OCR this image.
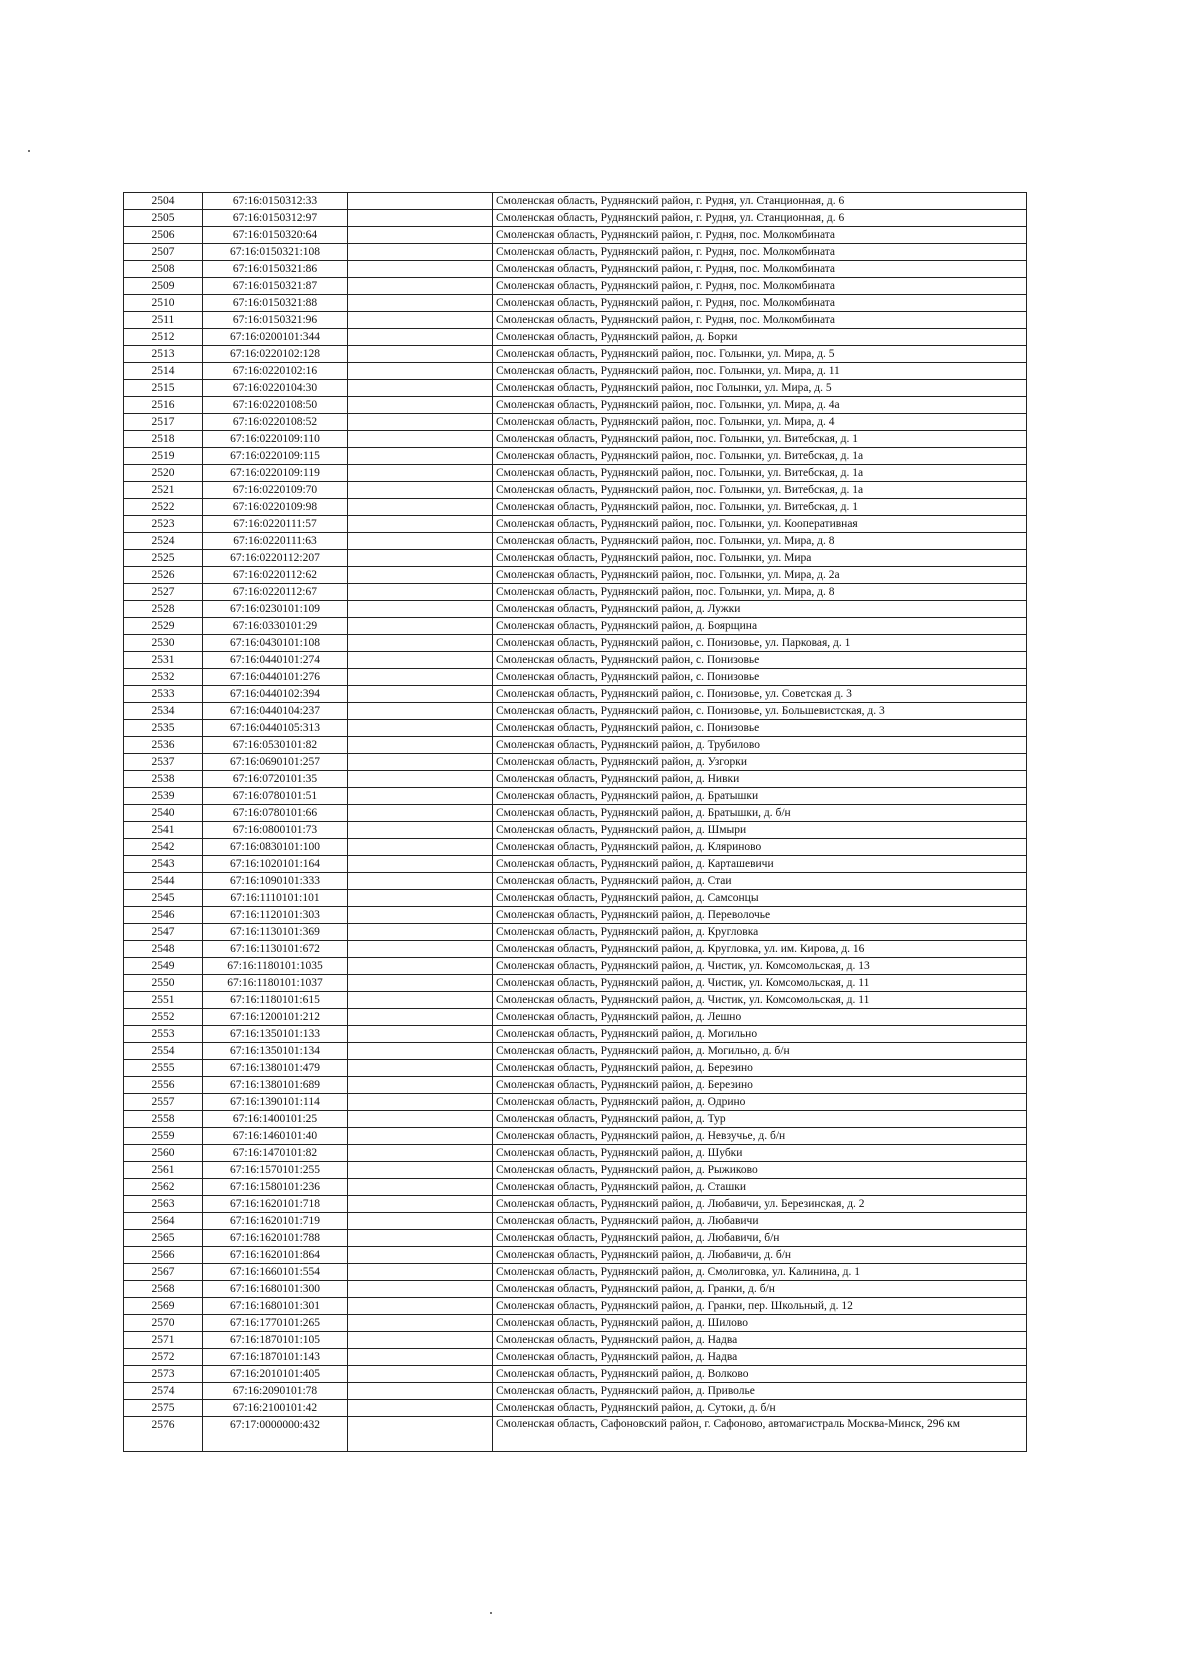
2504	67:16:0150312:33		Смоленская область, Руднянский район, г. Рудня, ул. Станционная, д. 6
2505	67:16:0150312:97		Смоленская область, Руднянский район, г. Рудня, ул. Станционная, д. 6
2506	67:16:0150320:64		Смоленская область, Руднянский район, г. Рудня, пос. Молкомбината
2507	67:16:0150321:108		Смоленская область, Руднянский район, г. Рудня, пос. Молкомбината
2508	67:16:0150321:86		Смоленская область, Руднянский район, г. Рудня, пос. Молкомбината
2509	67:16:0150321:87		Смоленская область, Руднянский район, г. Рудня, пос. Молкомбината
2510	67:16:0150321:88		Смоленская область, Руднянский район, г. Рудня, пос. Молкомбината
2511	67:16:0150321:96		Смоленская область, Руднянский район, г. Рудня, пос. Молкомбината
2512	67:16:0200101:344		Смоленская область, Руднянский район, д. Борки
2513	67:16:0220102:128		Смоленская область, Руднянский район, пос. Голынки, ул. Мира, д. 5
2514	67:16:0220102:16		Смоленская область, Руднянский район, пос. Голынки, ул. Мира, д. 11
2515	67:16:0220104:30		Смоленская область, Руднянский район, пос Голынки, ул. Мира, д. 5
2516	67:16:0220108:50		Смоленская область, Руднянский район, пос. Голынки, ул. Мира, д. 4а
2517	67:16:0220108:52		Смоленская область, Руднянский район, пос. Голынки, ул. Мира, д. 4
2518	67:16:0220109:110		Смоленская область, Руднянский район, пос. Голынки, ул. Витебская, д. 1
2519	67:16:0220109:115		Смоленская область, Руднянский район, пос. Голынки, ул. Витебская, д. 1а
2520	67:16:0220109:119		Смоленская область, Руднянский район, пос. Голынки, ул. Витебская, д. 1а
2521	67:16:0220109:70		Смоленская область, Руднянский район, пос. Голынки, ул. Витебская, д. 1а
2522	67:16:0220109:98		Смоленская область, Руднянский район, пос. Голынки, ул. Витебская, д. 1
2523	67:16:0220111:57		Смоленская область, Руднянский район, пос. Голынки, ул. Кооперативная
2524	67:16:0220111:63		Смоленская область, Руднянский район, пос. Голынки, ул. Мира, д. 8
2525	67:16:0220112:207		Смоленская область, Руднянский район, пос. Голынки, ул. Мира
2526	67:16:0220112:62		Смоленская область, Руднянский район, пос. Голынки, ул. Мира, д. 2а
2527	67:16:0220112:67		Смоленская область, Руднянский район, пос. Голынки, ул. Мира, д. 8
2528	67:16:0230101:109		Смоленская область, Руднянский район, д. Лужки
2529	67:16:0330101:29		Смоленская область, Руднянский район, д. Боярщина
2530	67:16:0430101:108		Смоленская область, Руднянский район, с. Понизовье, ул. Парковая, д. 1
2531	67:16:0440101:274		Смоленская область, Руднянский район, с. Понизовье
2532	67:16:0440101:276		Смоленская область, Руднянский район, с. Понизовье
2533	67:16:0440102:394		Смоленская область, Руднянский район, с. Понизовье, ул. Советская д. 3
2534	67:16:0440104:237		Смоленская область, Руднянский район, с. Понизовье, ул. Большевистская, д. 3
2535	67:16:0440105:313		Смоленская область, Руднянский район, с. Понизовье
2536	67:16:0530101:82		Смоленская область, Руднянский район, д. Трубилово
2537	67:16:0690101:257		Смоленская область, Руднянский район, д. Узгорки
2538	67:16:0720101:35		Смоленская область, Руднянский район, д. Нивки
2539	67:16:0780101:51		Смоленская область, Руднянский район, д. Братышки
2540	67:16:0780101:66		Смоленская область, Руднянский район, д. Братышки, д. б/н
2541	67:16:0800101:73		Смоленская область, Руднянский район, д. Шмыри
2542	67:16:0830101:100		Смоленская область, Руднянский район, д. Кляриново
2543	67:16:1020101:164		Смоленская область, Руднянский район, д. Карташевичи
2544	67:16:1090101:333		Смоленская область, Руднянский район, д. Стаи
2545	67:16:1110101:101		Смоленская область, Руднянский район, д. Самсонцы
2546	67:16:1120101:303		Смоленская область, Руднянский район, д. Переволочье
2547	67:16:1130101:369		Смоленская область, Руднянский район, д. Кругловка
2548	67:16:1130101:672		Смоленская область, Руднянский район, д. Кругловка, ул. им. Кирова, д. 16
2549	67:16:1180101:1035		Смоленская область, Руднянский район, д. Чистик, ул. Комсомольская, д. 13
2550	67:16:1180101:1037		Смоленская область, Руднянский район, д. Чистик, ул. Комсомольская, д. 11
2551	67:16:1180101:615		Смоленская область, Руднянский район, д. Чистик, ул. Комсомольская, д. 11
2552	67:16:1200101:212		Смоленская область, Руднянский район, д. Лешно
2553	67:16:1350101:133		Смоленская область, Руднянский район, д. Могильно
2554	67:16:1350101:134		Смоленская область, Руднянский район, д. Могильно, д. б/н
2555	67:16:1380101:479		Смоленская область, Руднянский район, д. Березино
2556	67:16:1380101:689		Смоленская область, Руднянский район, д. Березино
2557	67:16:1390101:114		Смоленская область, Руднянский район, д. Одрино
2558	67:16:1400101:25		Смоленская область, Руднянский район, д. Тур
2559	67:16:1460101:40		Смоленская область, Руднянский район, д. Невзучье, д. б/н
2560	67:16:1470101:82		Смоленская область, Руднянский район, д. Шубки
2561	67:16:1570101:255		Смоленская область, Руднянский район, д. Рыжиково
2562	67:16:1580101:236		Смоленская область, Руднянский район, д. Сташки
2563	67:16:1620101:718		Смоленская область, Руднянский район, д. Любавичи, ул. Березинская, д. 2
2564	67:16:1620101:719		Смоленская область, Руднянский район, д. Любавичи
2565	67:16:1620101:788		Смоленская область, Руднянский район, д. Любавичи, б/н
2566	67:16:1620101:864		Смоленская область, Руднянский район, д. Любавичи, д. б/н
2567	67:16:1660101:554		Смоленская область, Руднянский район, д. Смолиговка, ул. Калинина, д. 1
2568	67:16:1680101:300		Смоленская область, Руднянский район, д. Гранки, д. б/н
2569	67:16:1680101:301		Смоленская область, Руднянский район, д. Гранки, пер. Школьный, д. 12
2570	67:16:1770101:265		Смоленская область, Руднянский район, д. Шилово
2571	67:16:1870101:105		Смоленская область, Руднянский район, д. Надва
2572	67:16:1870101:143		Смоленская область, Руднянский район, д. Надва
2573	67:16:2010101:405		Смоленская область, Руднянский район, д. Волково
2574	67:16:2090101:78		Смоленская область, Руднянский район, д. Приволье
2575	67:16:2100101:42		Смоленская область, Руднянский район, д. Сутоки, д. б/н
2576	67:17:0000000:432		Смоленская область, Сафоновский район, г. Сафоново, автомагистраль Москва-Минск, 296 км
